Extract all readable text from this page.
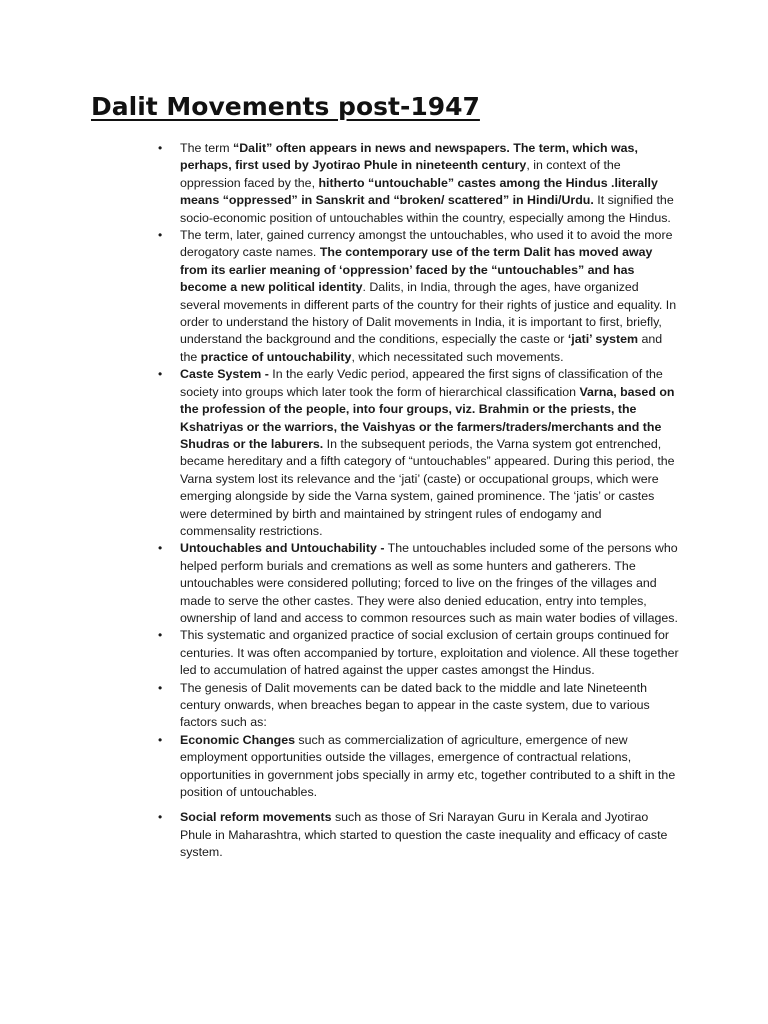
Dalit Movements post-1947
• The term “Dalit” often appears in news and newspapers. The term, which was, perhaps, first used by Jyotirao Phule in nineteenth century, in context of the oppression faced by the, hitherto “untouchable” castes among the Hindus .literally means “oppressed” in Sanskrit and “broken/ scattered” in Hindi/Urdu. It signified the socio-economic position of untouchables within the country, especially among the Hindus.
• The term, later, gained currency amongst the untouchables, who used it to avoid the more derogatory caste names. The contemporary use of the term Dalit has moved away from its earlier meaning of ‘oppression’ faced by the “untouchables” and has become a new political identity. Dalits, in India, through the ages, have organized several movements in different parts of the country for their rights of justice and equality. In order to understand the history of Dalit movements in India, it is important to first, briefly, understand the background and the conditions, especially the caste or ‘jati’ system and the practice of untouchability, which necessitated such movements.
• Caste System - In the early Vedic period, appeared the first signs of classification of the society into groups which later took the form of hierarchical classification Varna, based on the profession of the people, into four groups, viz. Brahmin or the priests, the Kshatriyas or the warriors, the Vaishyas or the farmers/traders/merchants and the Shudras or the laburers. In the subsequent periods, the Varna system got entrenched, became hereditary and a fifth category of “untouchables” appeared. During this period, the Varna system lost its relevance and the ‘jati’ (caste) or occupational groups, which were emerging alongside by side the Varna system, gained prominence. The ‘jatis’ or castes were determined by birth and maintained by stringent rules of endogamy and commensality restrictions.
• Untouchables and Untouchability - The untouchables included some of the persons who helped perform burials and cremations as well as some hunters and gatherers. The untouchables were considered polluting; forced to live on the fringes of the villages and made to serve the other castes. They were also denied education, entry into temples, ownership of land and access to common resources such as main water bodies of villages.
• This systematic and organized practice of social exclusion of certain groups continued for centuries. It was often accompanied by torture, exploitation and violence. All these together led to accumulation of hatred against the upper castes amongst the Hindus.
• The genesis of Dalit movements can be dated back to the middle and late Nineteenth century onwards, when breaches began to appear in the caste system, due to various factors such as:
• Economic Changes such as commercialization of agriculture, emergence of new employment opportunities outside the villages, emergence of contractual relations, opportunities in government jobs specially in army etc, together contributed to a shift in the position of untouchables.
• Social reform movements such as those of Sri Narayan Guru in Kerala and Jyotirao Phule in Maharashtra, which started to question the caste inequality and efficacy of caste system.
